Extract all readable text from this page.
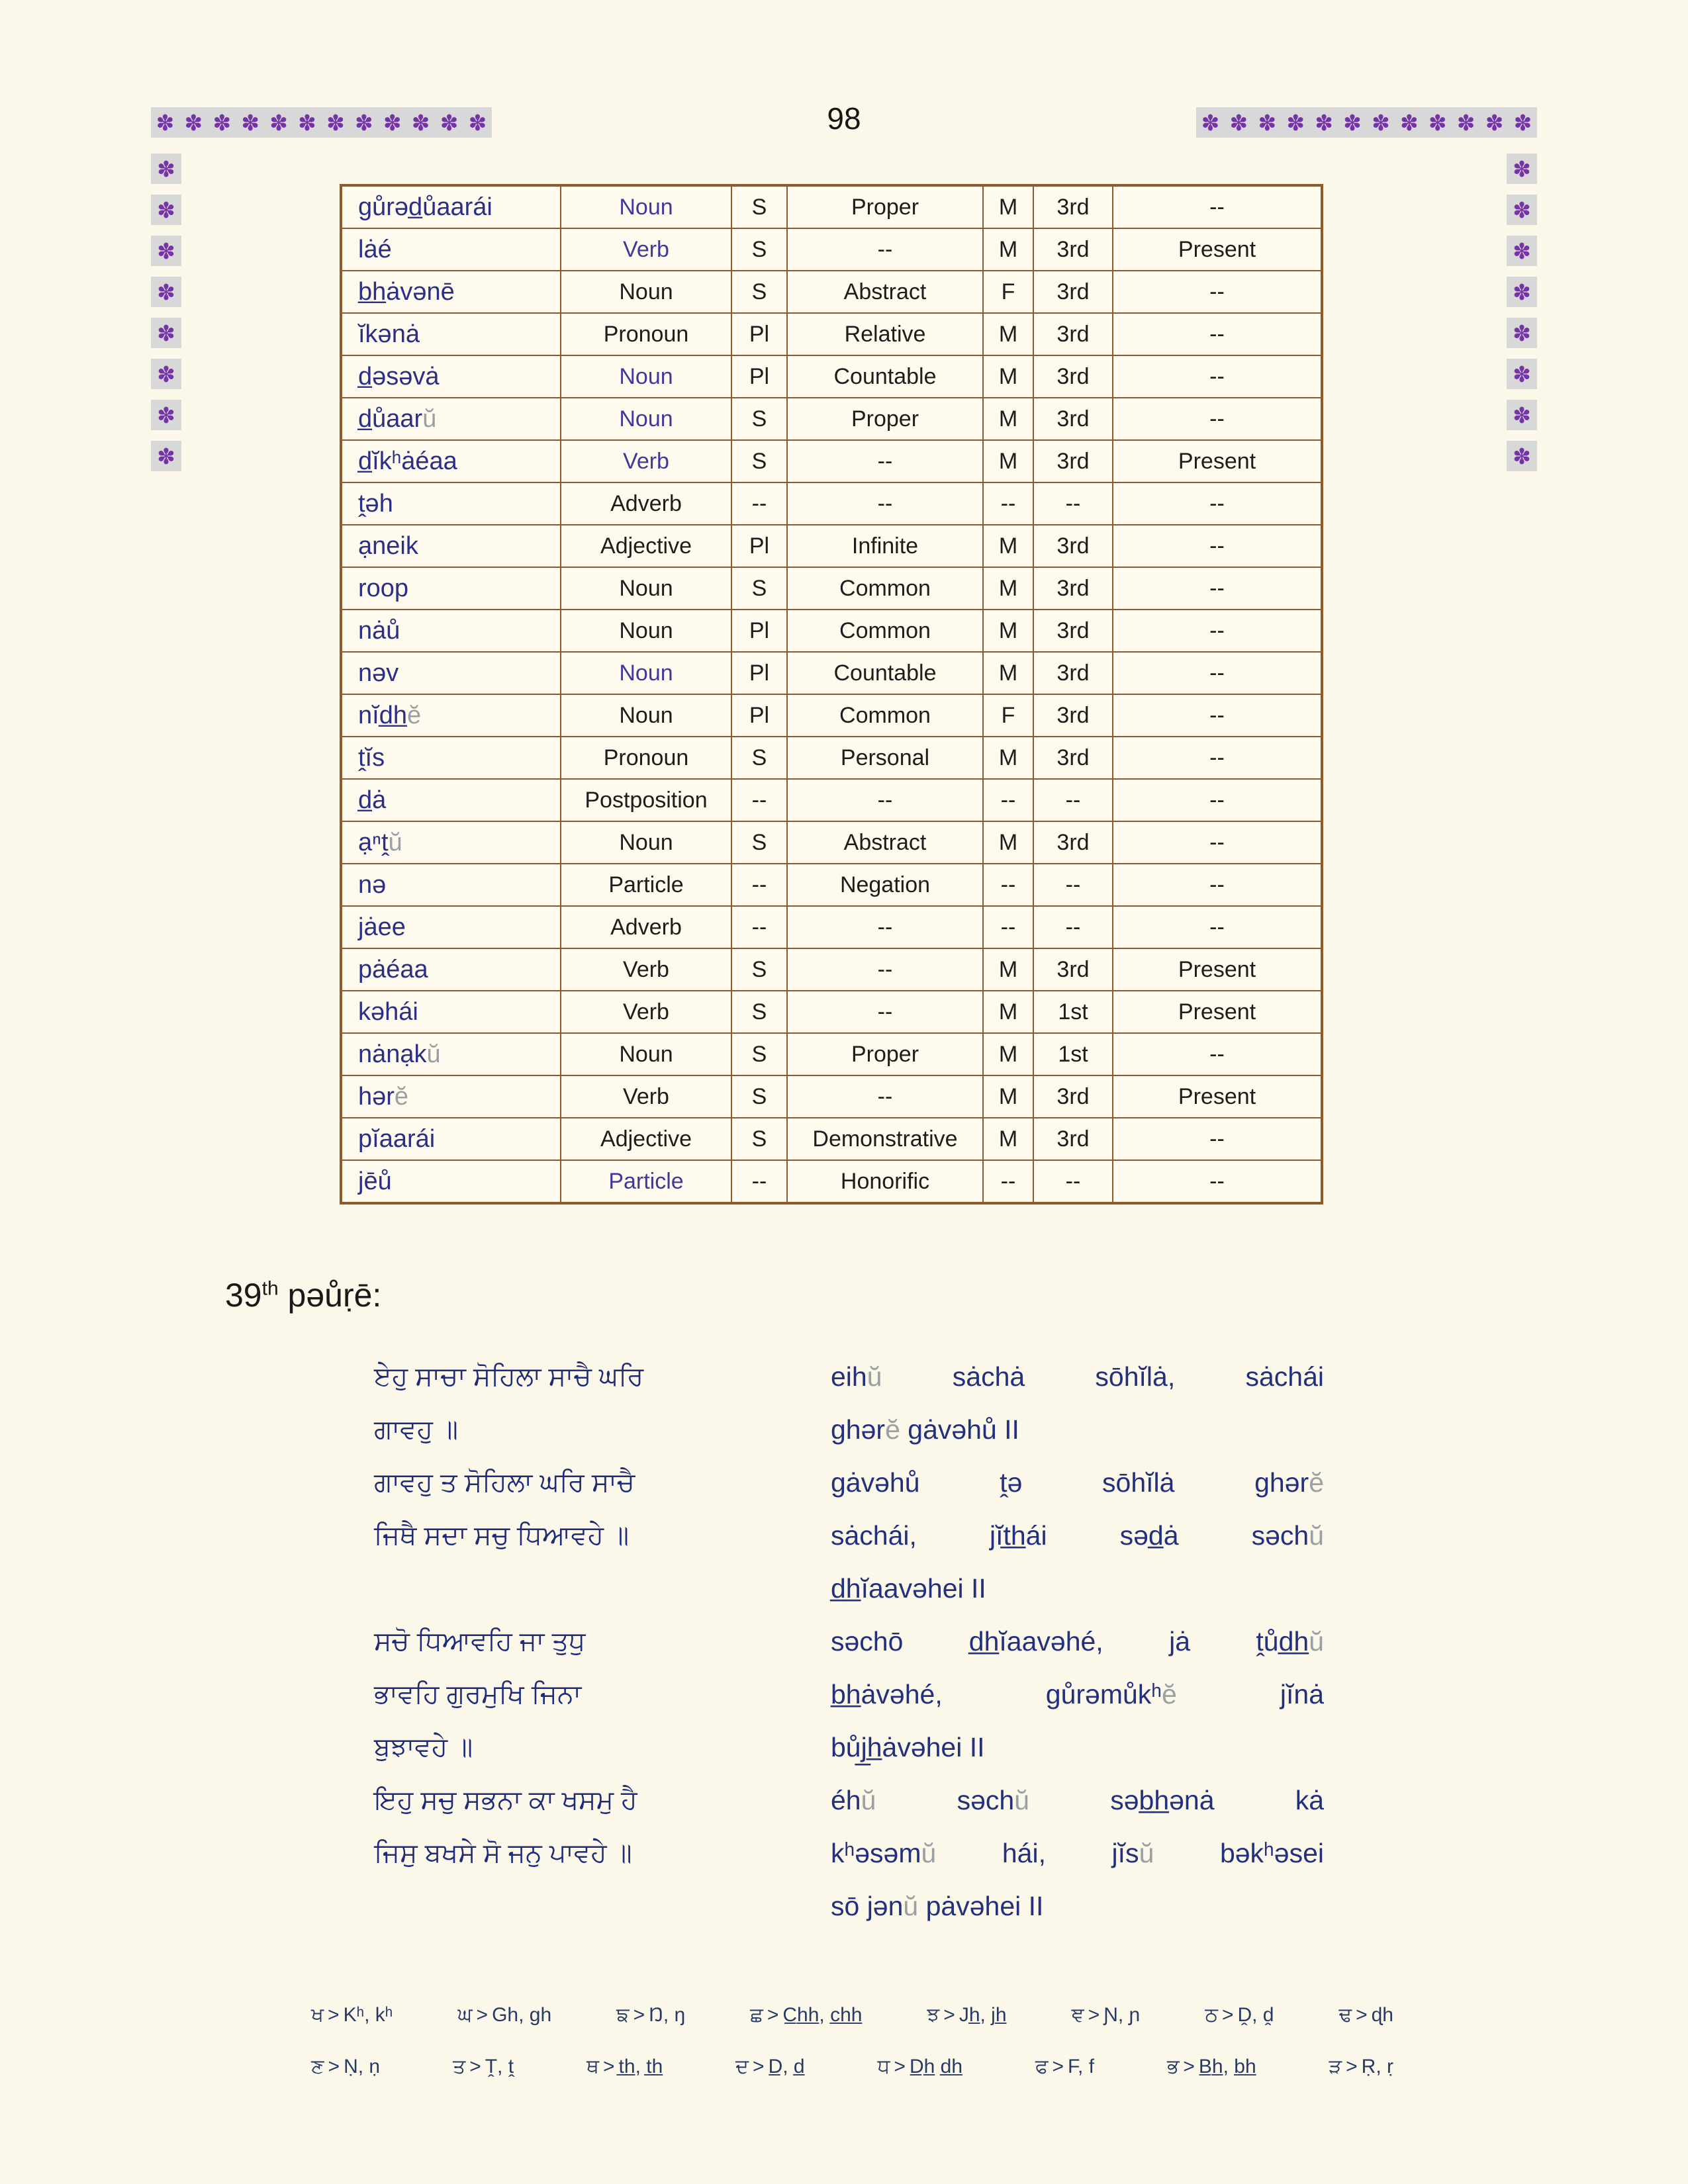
✽ ✽ ✽ ✽ ✽ ✽ ✽ ✽ ✽ ✽ ✽ ✽	✽ ✽ ✽ ✽ ✽ ✽ ✽ ✽ ✽ ✽ ✽ ✽
✽
✽
✽
✽
✽
✽
✽
✽
✽
✽
✽
✽
✽
✽
✽
✽
98
gůrəd̲ůaarái	Noun	S	Proper	M	3rd	--
lȧé	Verb	S	--	M	3rd	Present
b̲h̲ȧvənē	Noun	S	Abstract	F	3rd	--
ĭkənȧ	Pronoun	Pl	Relative	M	3rd	--
d̲əsəvȧ	Noun	Pl	Countable	M	3rd	--
d̲ůaarŭ	Noun	S	Proper	M	3rd	--
d̲ĭkʰȧéaa	Verb	S	--	M	3rd	Present
ṱəh	Adverb	--	--	--	--	--
ạneik	Adjective	Pl	Infinite	M	3rd	--
roop	Noun	S	Common	M	3rd	--
nȧů	Noun	Pl	Common	M	3rd	--
nəv	Noun	Pl	Countable	M	3rd	--
nĭd̲h̲ĕ	Noun	Pl	Common	F	3rd	--
ṱĭs	Pronoun	S	Personal	M	3rd	--
d̲ȧ	Postposition	--	--	--	--	--
ạⁿṱŭ	Noun	S	Abstract	M	3rd	--
nə	Particle	--	Negation	--	--	--
jȧee	Adverb	--	--	--	--	--
pȧéaa	Verb	S	--	M	3rd	Present
kəhái	Verb	S	--	M	1st	Present
nȧnạkŭ	Noun	S	Proper	M	1st	--
hərĕ	Verb	S	--	M	3rd	Present
pĭaarái	Adjective	S	Demonstrative	M	3rd	--
jēů	Particle	--	Honorific	--	--	--
39th pəůṛē:
ਏਹੁ ਸਾਚਾ ਸੋਹਿਲਾ ਸਾਚੈ ਘਰਿ
ਗਾਵਹੁ ॥
ਗਾਵਹੁ ਤ ਸੋਹਿਲਾ ਘਰਿ ਸਾਚੈ
ਜਿਥੈ ਸਦਾ ਸਚੁ ਧਿਆਵਹੇ ॥
ਸਚੋ ਧਿਆਵਹਿ ਜਾ ਤੁਧੁ
ਭਾਵਹਿ ਗੁਰਮੁਖਿ ਜਿਨਾ
ਬੁਝਾਵਹੇ ॥
ਇਹੁ ਸਚੁ ਸਭਨਾ ਕਾ ਖਸਮੁ ਹੈ
ਜਿਸੁ ਬਖਸੇ ਸੋ ਜਨੁ ਪਾਵਹੇ ॥
eihŭ sȧchȧ sōhĭlȧ, sȧchái
ghərĕ gȧvəhů II
gȧvəhů ṱə sōhĭlȧ ghərĕ
sȧchái, jĭt̲h̲ái səd̲ȧ səchŭ
d̲h̲ĭaavəhei II
səchō d̲h̲ĭaavəhé, jȧ ṱůd̲h̲ŭ
b̲h̲ȧvəhé, gůrəmůkʰĕ jĭnȧ
bůj̲h̲ȧvəhei II
éhŭ səchŭ səb̲h̲ənȧ kȧ
kʰəsəmŭ hái, jĭsŭ bəkʰəsei
sō jənŭ pȧvəhei II
ਖ > Kʰ, kʰ	ਘ > Gh, gh	ਙ > Ŋ, ŋ	ਛ > C̲h̲h̲, c̲h̲h̲	ਝ > Jh̲, jh̲	ਞ > Ɲ, ɲ	ਠ > Ḓ, ḓ	ਢ > ɖh
ਣ > Ṇ, ṇ	ਤ > Ṱ, ṱ	ਥ > t̲h̲, t̲h̲	ਦ > D̲, d̲	ਧ > D̲h̲ d̲h̲	ਫ > F, f	ਭ > B̲h̲, b̲h̲	ੜ > Ṛ, ṛ
